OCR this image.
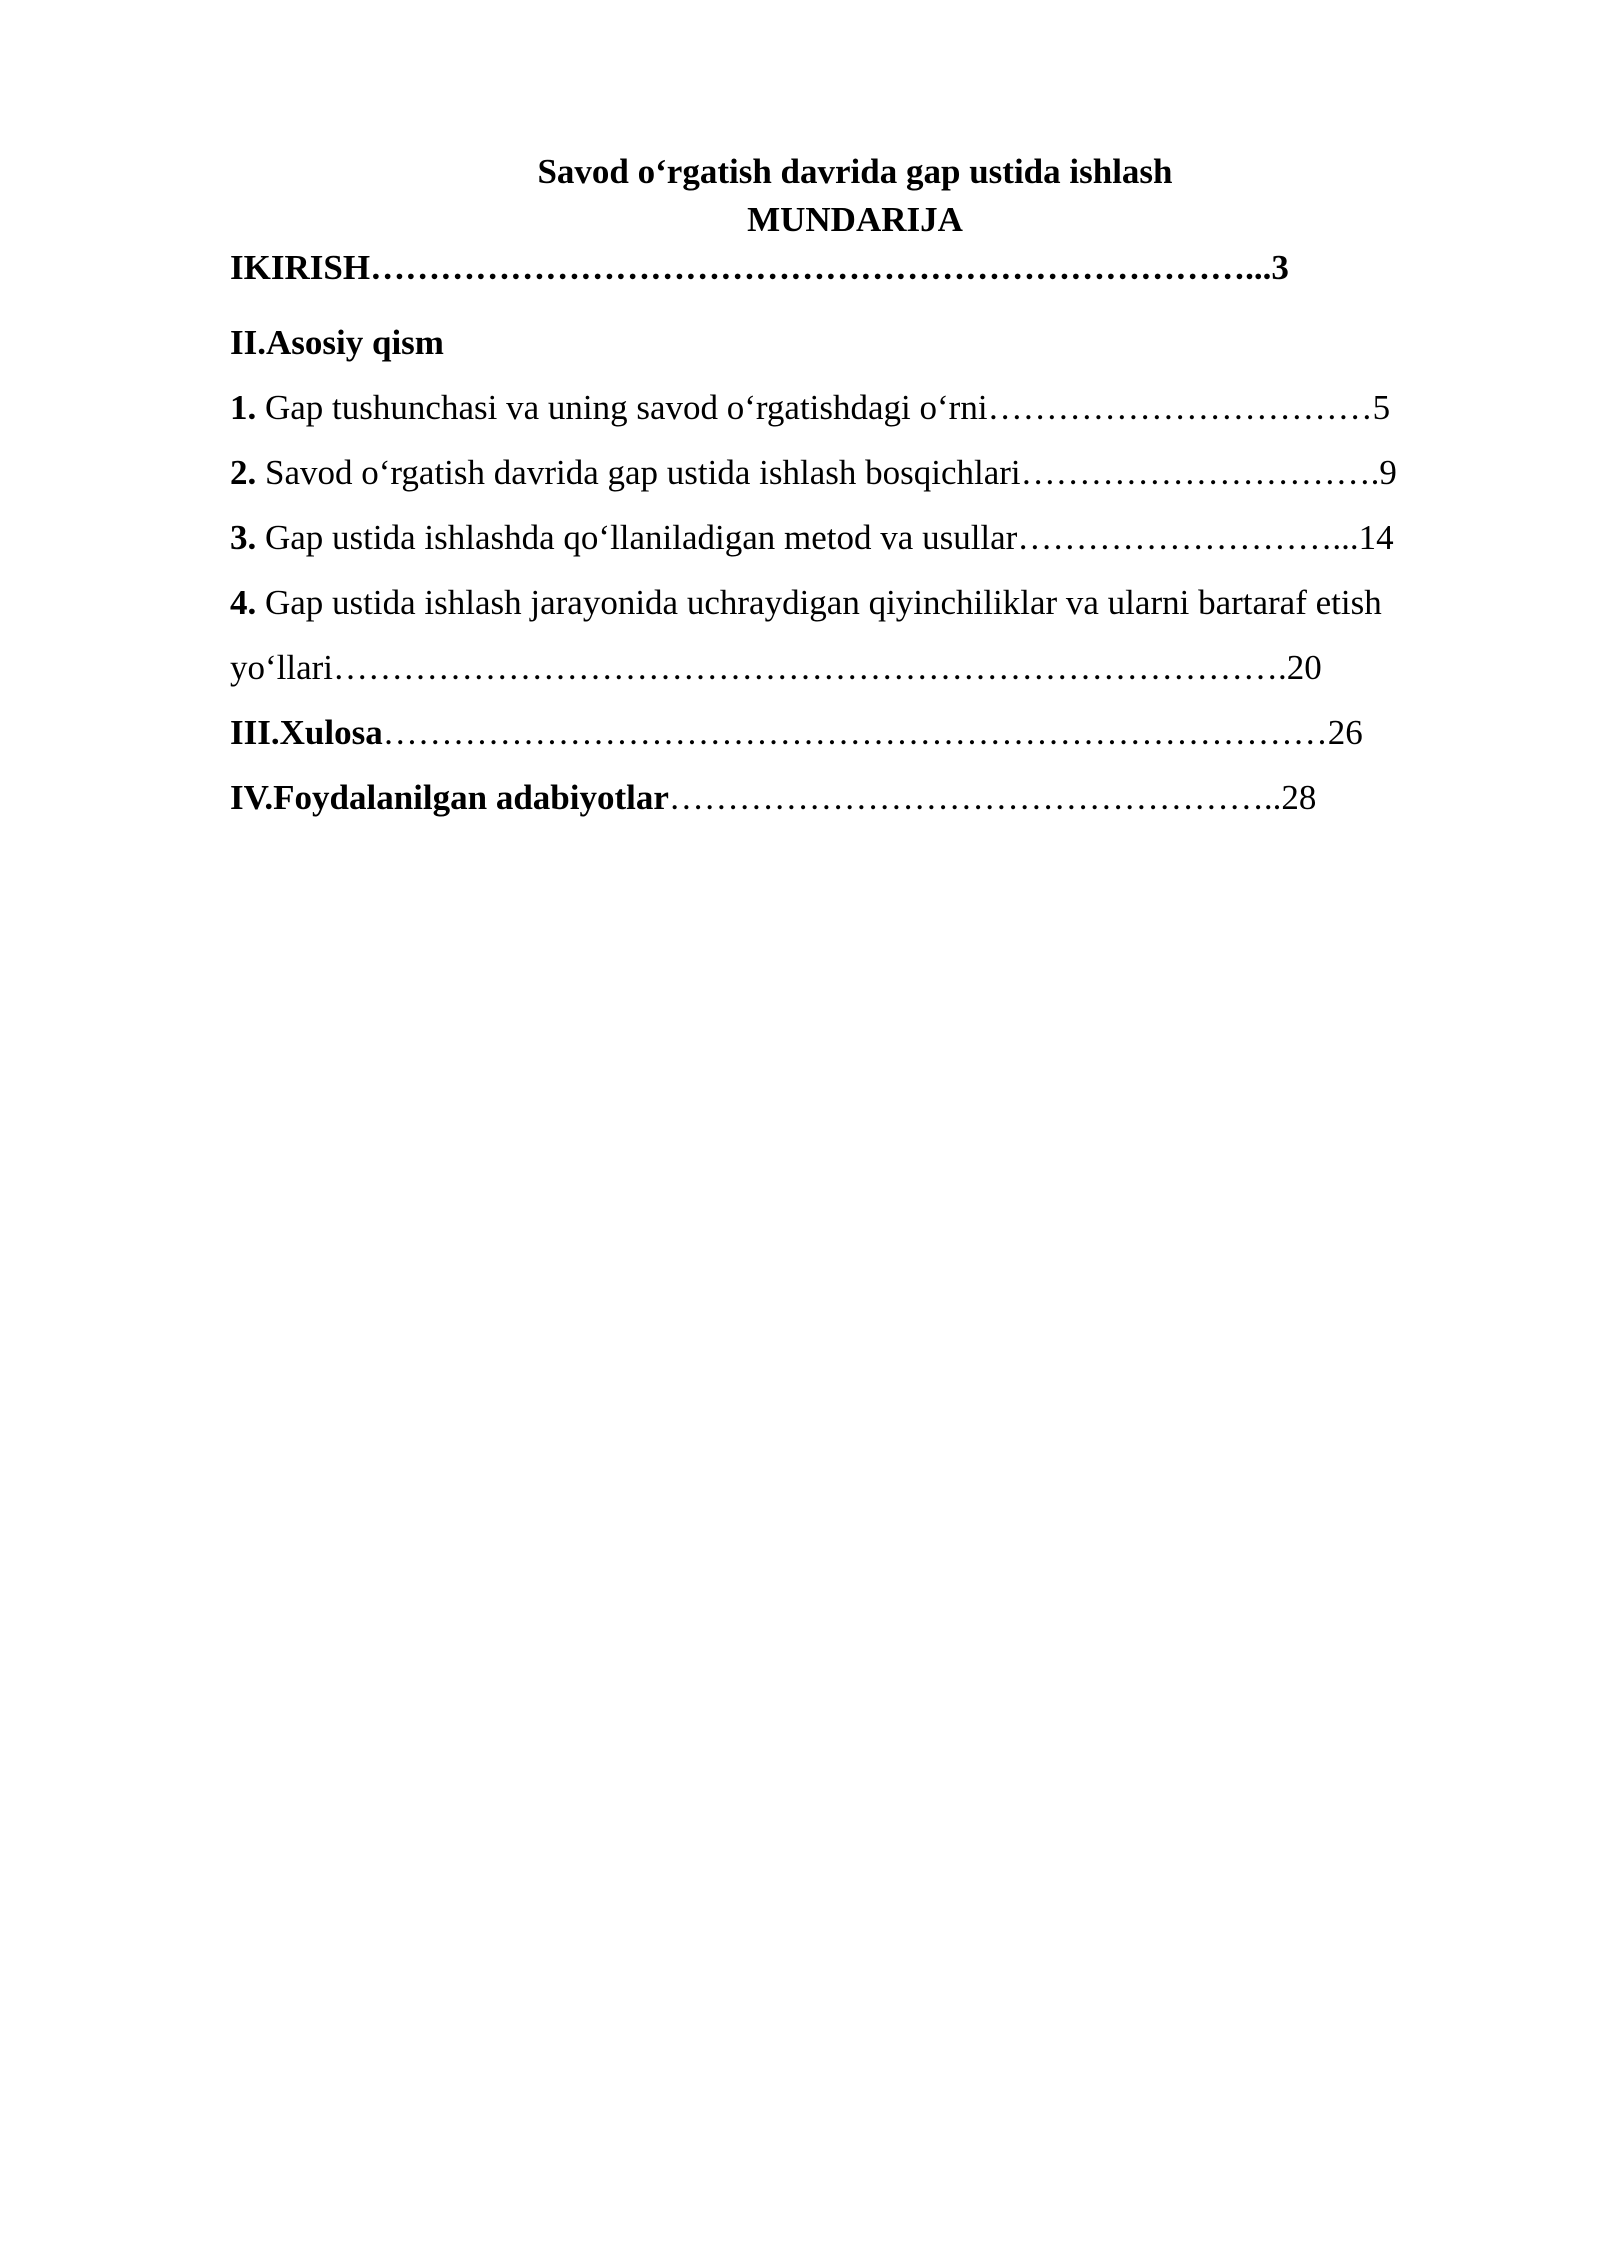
Savod o‘rgatish davrida gap ustida ishlash
MUNDARIJA
IKIRISH…………………………………………………………………...3
II.Asosiy qism
1. Gap tushunchasi va uning savod o‘rgatishdagi o‘rni……………………………5
2. Savod o‘rgatish davrida gap ustida ishlash bosqichlari………………………….9
3. Gap ustida ishlashda qo‘llaniladigan metod va usullar………………………...14
4. Gap ustida ishlash jarayonida uchraydigan qiyinchiliklar va ularni bartaraf etish
yo‘llari……………………………………………………………………….20
III.Xulosa………………………………………………………………………26
IV.Foydalanilgan adabiyotlar……………………………………………..28
